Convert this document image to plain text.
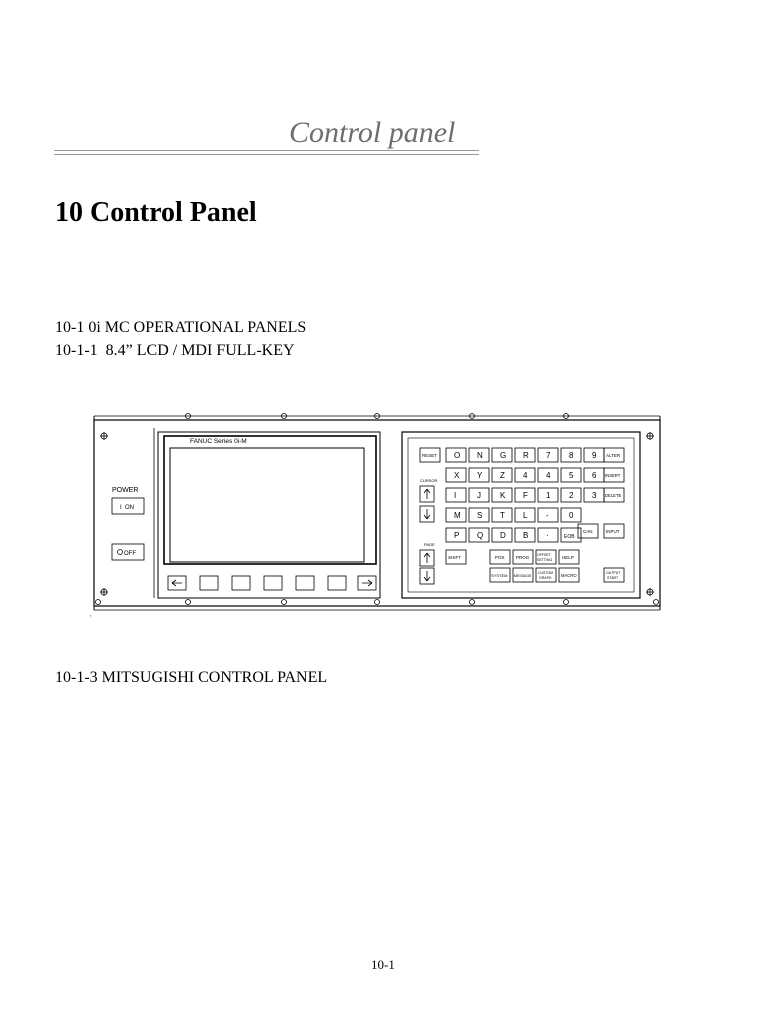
Control panel
10 Control Panel
10-1 0i MC OPERATIONAL PANELS
10-1-1  8.4” LCD / MDI FULL-KEY
10-1-3 MITSUGISHI CONTROL PANEL
POWER
I ON
OFF
FANUC Series 0i-M
RESET
CURSOR
PAGE
SHIFT
O N G R 7 8 9
X Y Z 4 4 5 6
I	J K F 1 2 3
M S T L -	0
P Q D B ·	EOB
ALTER
INSERT
DELETE
INPUT
CAN
POS	PROG OFFSET
SETTING HELP
SYSTEM MESSAGE
CUSTOM
GRAPH MACRO	OUTPUT
START
,
10-1
